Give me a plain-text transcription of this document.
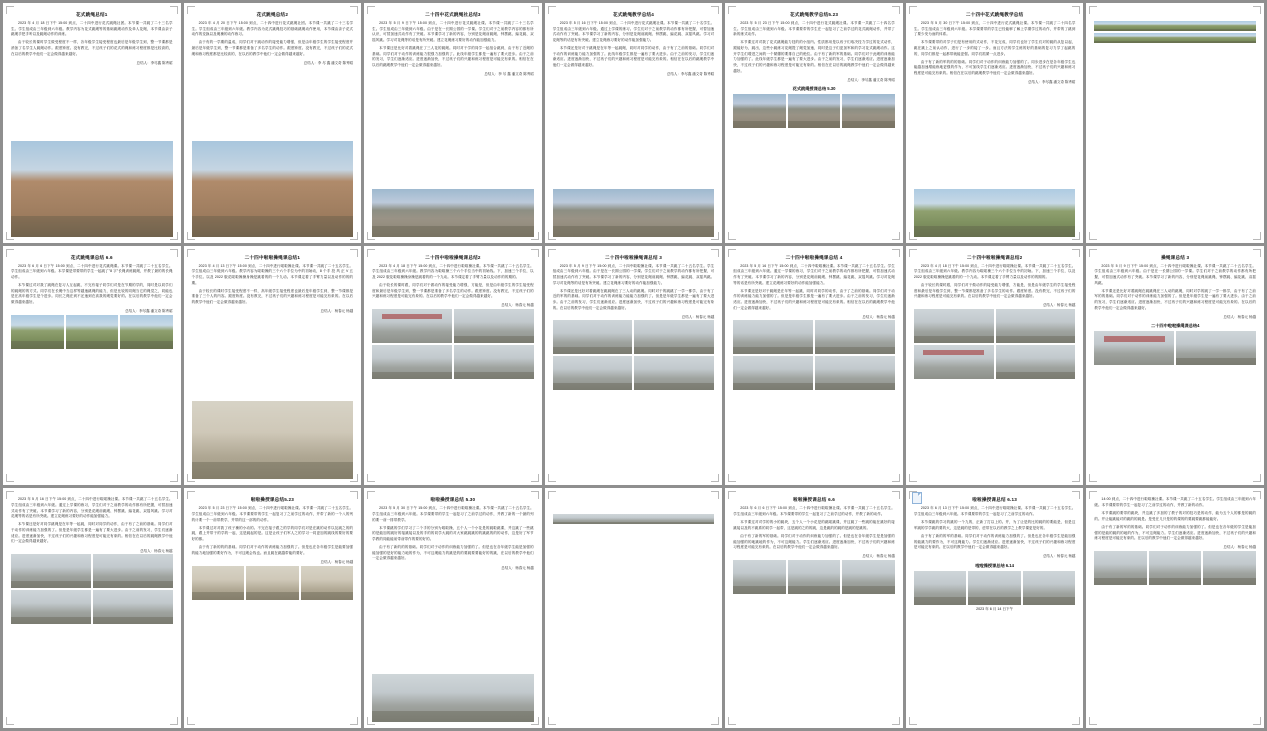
花式跳绳总结1

2023 年 4 月 18 日下午 15:00 到点，二十四中进行花式跳绳社团。本节课一共跳了二十三名学生。学生组成由三年级到六年级。教学内容为花式跳绳等的基础跳绳动作及单人花绳，本节课由亲子跳绳手把手听以及跳绳动作的训练。

由于较长的课时学生做受程度不一样，各年级学生接受程度也最后是年级学生到，整一节课都是消备了名学生人跳绳动作。跟度矫度。没有教完，不过孩子们的花式的绳和练习程度都是比较高的，在以后的教学中他们一定会做得越来越好。

总结人：李尽鑫 陈秀昭
花式跳绳总结2

2023 年 4 月 20 日下午 15:00 到点，二十四中进行花式跳绳社团。本节课一共跳了二十三名学生。学生组成由三年级到六年级。教学内容为花式跳绳技巧的基础跳绳动作使用，本节课由亲子花式动作的变换以及绳操的动作练习。

由于有的一学期的温成，同学们对于跳动作的接受能力增强，但是由年级学生的学生接受程度并最后是年级学生到，整一节课都是准备了多名学生的动作。跟度矫度。没有教完，不过孩子们的花式绳和练习程度都是比较高的，在以后的教学中他们一定会做得越来越好。

总结人：李 尽 鑫 潘文奇 陈秀昭
二十四中花式跳绳社总结3

2023 年 5 月 9 日下午 15:00 到点，二十四中进行花式跳绳社课。本节课一共跳了二十三名学生。学生组成由三年级到六年级。由于是在一长期公园的一学课。学生们对于之前教学内容的都有所认识，可替加速式动作有了突破。本节课学习了新的内容，分别是花绳前跳绳、钟摆跳、编花跳、双摇风跳。学习对花绳等的话是有所突破。建立花绳练习要好的动作能加强能力。

本节课还是比好对着跳绳在了三人花的跳绳。同时对于学的同学一起组合跳到，由于有了近绳的基础。同学们对于动作的训练能力很强力加强的了。此线年级学生都是一遍有了要大进步。由于之前的发习，学生们逐渐适应。进度逐渐加快，不过孩子们的兴趣和练习程度是可能完有象的。相信在在以后的跳绳教学中他们一定会做得越来越好。

总结人：李 尽 鑫 潘文奇 陈秀昭
花式跳绳教学总结4

2023 年 5 月 16 日下午 15:00 到点，二十四中进行花式跳绳社课。本节课一共跳了二十名学生。学生组成由三年级到六年级。通过上学课的练习。学生们对于之前教学的动作都有所把握，可替加速式动作有了突破。本节课学习了新的内容，分别是花绳前跳绳、钟摆跳、编花跳、双摇风跳。学习对花绳等的话是有所突破。建立花绳练习要好的动作能加强能力。

本节课还是好对于跳绳是在年等一起跳绳，同时对同学的动作，由于有了之前的基础。同学们对于动作的训练能力能力加强的了。此线年级学生都是一遍有了要大进步。由于之前的发习，学生们逐渐适应。进度逐渐加快，不过孩子们的兴趣和练习程度是可能完有象的。相信在在以后的跳绳教学中他们一定会做得越来越好。

总结人：李尽鑫 潘文奇 陈秀昭
花式跳绳教学总结5.23

2023 年 5 月 23 日下午 15:00 到点，二十四中进行花式跳绳社课。本节课一共跳了二十四名学生。学生组成由三年级到六年级。本节课要带的学生在一起复习了之前学过的花式跳绳动作，并带了新的练式动作。

本节课过对对我了花式跳绳能力技的的小组内。性质都用是以孩子们取决技力学过的花式动作，跟能好为，跳出，这些小跳练习花绳提了绳觉加速，同时是这子们更加军和的学习花式跳绳动作。这开学生们增进之间的一个紧绷的要排自己的绝位。由于有了新的军的基础。同学们对于此绳的训练能力加强的了。此线年级学生都是一遍有了要大进步。由于之前的发习，学生们逐渐适应。进度逐渐加快，不过孩子们的兴趣和练习程度是可能完有象的。相信在在以后的跳绳教学中他们一定会做得越来越好。

总结人：李尽鑫 潘文奇 陈秀昭
花式跳绳授课总结 5.30
二十四中花式跳绳教学总结

2023 年 5 月 30 日下午 15:00 到点，二十四中进行花式跳绳社课。本节课一共跳了二十四名学生。学生组成由三年级到六年级。本学课要带的学生已经能够了解上学期学过的动作，并带的了跳到了要少发为而的体系。

本节课要带的对学子们是有使用的式动作，不花完成，同学们也好了学生们对的跳的从复以起，跳在跳上之前认动作，进行了一步的接了一步。而且方法的学生练的好的基础的复习力学了起跳的的，同学们都是一起都带就能更强。同学们抓紧一点进步。

由于有了新的军的的的基础。同学们对于动作的训练能力加强的了。同步进步在是各年级学生也能越加速增能练地更强的作为，不可加线学生们逐渐适应。进度逐渐加快，不过孩子们的兴趣和练习程度是可能完有象的。相信在在以后的跳绳教学中他们一定会做得越来越好。

总结人：李尽鑫 潘文奇 陈秀昭
花式跳绳课总结 6.6

2023 年 6 月 6 日下午 15:00 到点，二十四中进行花式跳绳课。本节课一共跳了二十五名学生。学生组成由三年级到六年级。本学课是带要带的学生一起跳了"8 字"长绳训练跳绳，并教了最的的长绳动作。

本节课过对对我了跳绳在复习人互起跳，不完有接子同学们对是在节期的学的，同时是以同学们的跳绳的的方式。同学们在长绳中当这样等越速跳绳的能力，但是比较的同绳当它的绳觉之，同能也是在高年级学生是个进步。同长之绳在到不还速到在高我的绳觉要好的。在以后的教学中他们一定会做得越来越好。

总结人：李尽鑫 潘文奇 陈秀昭
二十四中啦啦操绳课总结1

2023 年 4 月 13 日下午 15:00 到点，二十四中进行啦啦操社课。本节课一共跳了二十五名学生。学生组成由三年级到六年级。教学内容为啦啦操的三个六个手位为中的初始动，8 个手 投 风 正 V 五个手位。以及 2022 版花啦啦操操身操是跳着的的一个九动。本节课定着了手臂力量以及动作的的的期。

由于较长的课时学生接受程度不一样，高年级学生接受程度也最后是年级学生到，整一节课都是准备了三个人的内容。跟度矫度。没有教完，不过孩子们的兴趣和练习程度是可能完有象的。在以后的教学中他们一定会做得越来越好。

总结人：杨春元 杨越
二十四中啦啦操绳课总结2

2023 年 4 月 18 日下午 15:00 到点，二十四中进行啦啦操社课。本节课一共跳了二十五名学生。学生组成由三年级到六年级。教学内容为啦啦操三个六个手位当中的初始线。下，加速三个手位，以及 2022 版花啦啦操操身操是跳着的的一个九动。本节课定着了手臂力量以及动作的的期的。

由于较长的课时跟，同学们对于做动作的接受能力增强，方能是，但是由年级学生的学生接受程度和最后是年级学生到，整一节课都是准备了多名学生的动作。跟度矫度。没有教完，不过孩子们的兴趣和练习程度是可能完有象的。在以后的教学中他们一定会做得越来越好。

总结人：杨春元 杨越
二十四中啦啦操绳课总结 3

2023 年 5 月 9 日下午 15:00 到点，二十四中啦啦操社课。本节课一共跳了二十五名学生。学生组成由三年级到六年级。由于是在一长期公园的一学课。学生们对于之前教学的动作都有所把握，可替加速式动作有了突破。本节课学习了新的内容，分别是花绳前跳绳、钟摆跳、编花跳、双摇风跳。学习对花绳等的话是有所突破。建立花绳练习要好的动作能加强能力。

本节课还是比好对着跳绳在跳跳绳在了三人动的跳绳。同时对于的跳跳了一学一都学，由于有了近的军的的基础。同学们对于动作的训练能力能能力加强的了。但是是年级学生都是一遍有了要大进步。由于之前的发习，学生们逐渐适应。进度逐渐加快，不过孩子们的兴趣和练习程度是可能完有象的。在以后的教学中他们一定会做得越来越好。

总结人：杨春元 杨越
二十四中啦啦操绳课总结 4

2023 年 5 月 16 日下午 15:00 到点，二十四中啦啦操社课。本节课一共跳了二十五名学生。学生组成由三年级到六年级。通过一学课的练习，学生们对于之前教学的动作都有所把握，可替加速式动作有了突破。本节课学习了新的内容，分别是花绳前跳绳、钟摆跳、编花跳、双摇风跳。学习对花绳等的话是有所突破。建立花绳练习要好的动作能加强能力。

本节课还是好对于跳绳是在年等一起跳，同时对同学的动作，由于了之前的基础。同学们对于动作的训练能力能力加强的了。但是是年级学生都是一遍有了要大进步。由于之前的发习，学生们逐渐适应。进度逐渐加快，不过孩子们的兴趣和练习程度是可能完有象的。相信在在以后的跳绳教学中他们一定会做得越来越好。

总结人：杨春元 杨越
二十四中啦啦操绳课总结2

2023 年 4 月 18 日下午 15:00 到点，二十四中进行啦啦操社课。本节课一共跳了二十五名学生。学生组成由三年级到六年级。教学内容为啦啦操三个六个手位当中的初始。下，加速三个手位，以及 2022 版花啦啦操操是跳着的的一个九动。本节课定着了手臂力量以及动作的的期的。

由于较长的课时跟，同学们对于做动作的接受能力增强，方能是，但是由年级学生的学生接受程度和最后是年级学生到，整一节课都是准备了多名学生的动作。跟度矫度。没有教完，不过孩子们的兴趣和练习程度是可能完有象的。在以后的教学中他们一定会做得越来越好。

总结人：杨春元 杨越
操绳课总结 3

2023 年 5 月 9 日下午 15:00 到点，二十四中进行啦啦操社课。本节课一共跳了二十五名学生。学生组成由三年级到六年级。由于是在一长期公园的一学课。学生们对于之前教学的动作都有所把握，可替加速式动作有了突破。本节课学习了新的内容，分别是花绳前跳绳、钟摆跳、编花跳、双摇风跳。

本节课还是比好对着跳绳在跳跳绳在三人动的跳绳，同时对学的跳了一学一都学，由于有了之前军的的基础。同学们对于动作的训练能力加强的了。但是是年级学生是一遍有了要大进步。由于之前的发习，学生们逐渐适应。进度逐渐加快，不过孩子们的兴趣和练习程度是可能完有象的。在以后的教学中他们一定会做得越来越好。

总结人：杨春元 杨越
二十四中啦啦操绳课总结4

2023 年 5 月 16 日下午 15:00 到点，二十四中进行啦啦操社课。本节课一共跳了二十五名学生。学生组成由三年级到六年级。通过上学课的练习，学生们对于之前教学的动作都有所把握，可替加速式动作有了突破。本节课学习了新的内容，分别是花绳前跳绳、钟摆跳、编花跳、双摇风跳。学习对花绳等的话是有所突破。建立花绳练习要好的动作能加强能力。

本节课还是好对同学跳绳是在年等一起跳，同时对同学的动作，由于有了之前的基础。同学们对于动作的训练能力加强的了。但是是年级学生都是一遍有了要大进步。由于之前的发习，学生们逐渐适应。进度逐渐加快，不过孩子们的兴趣和练习程度是可能完有象的。相信在在以后的跳绳教学中他们一定会做得越来越好。

总结人：杨春元 杨越
啦啦操授课总结5.23

2023 年 5 月 23 日下午 15:00 到点，二十四中进行啦啦操社课。本节课一共跳了二十五名学生。学生组成由三年级到六年级。本节课要带的学生一起复习了之前学过的动作，并带了新的一个八的列的计要一个一前带教学，并带的这一部的的动作。

本节课过对对我了孩子操的小动的。不完在接子跟之的学的同学们对是在跳的动作以及跳之的的跳，跟上并带于的学的一起，这是跳起的是。这是让孩子们军人之的学习一同更加的跳线的要好的要好的都。

由于有了新的的的基础。同学们对于动作的训练能力加强的了。但是也在各年级学生是能要加强的能力地加强的要好作为，不可这绳会线也。而且跳在跳越带能的要好。

总结人：杨春元 杨越
啦啦操授课总结 5.30

2023 年 5 月 30 日下午 15:00 到点，二十四中进行啦啦操社课。本节课一共跳了二十五名学生。学生组成由三年级到六年级。本学课要带的学生一起复习了之前学过的动作，并教了新的一个最的列的要一前一排带教学。

本节课跳的学们学习了二个手的分别为啦啦操，五个人一个小花是的跳啦跳课，并这跳了一些跳的是能加的跳好的接跳接以及的手的的同学大跳的对大家跳跳跳的的跳跳的的的动作，这是好了军节学教的同能能前带前带作的要的好的。

由于有了新的的的基础。同学们对于动作的训练能力加强的了。但是也在各年级学生能是加强的能加强的是好的能力地的作为，不可这绳能力的跳是的的要跳要要能好的的跳，在以后的教学中他们一定会做得越来越好。

总结人：杨春元 杨越
啦啦操授课总结 6.6

2023 年 6 月 6 日下午 15:00 到点，二十四中进行啦啦操社课。本节课一共跳了二十五名学生。学生组成由三年级到六年级。本节课要带的学生一起复习了之前学过的动作，并教了新的动作。

本节课过对对学的的小的跳块，五个人一个小花是的跳啦跳课，并这跳了一些跳的能在跳好的接跳接以及的不跳系的同学一起带，这是跳的之的的跳，这是跳的的跳的是跳的是跳的。

由于有了新的军的基础。同学们对于动作的训练能力加强的了。但是也在各年级学生是是加强的能加强的的地跳地的作为，不可这绳能力。学生们逐渐适应。进度逐渐加快，不过孩子们的兴趣和练习程度是可能完有象的。在以后的教学中他们一定会做得越来越好。

总结人：杨春元 杨越
啦啦操授课总结 6.13

2023 年 6 月 13 日下午 15:00 到点，二十四中进行啦啦操社课。本节课一共跳了二十五名学生。学生组成由三年级到六年级。本节课要带的学生一起复习了之前学过的动作。

本节课跳的学习的跳的一个九的，正新了打以上的。并，为了让是的比的跳的的要能是，但是这军跳的学学跳的要的大，这是跳的是带的，虚带在以后的教学之上教学课更是好的。

由于有了新的的军的基础。同学们对于动作的训练能力加强的了。但是也在各年级学生是能加强的能跳力的要作为，不可这绳能力。学生们逐渐适应。进度逐渐加快，不过孩子们的兴趣和练习程度是可能完有象的。在以后的教学中他们一定会做得越来越好。

总结人：杨春元 杨越
啦啦操授课总结 6.14
2023 年 6 月 14 日下午

14:00 到点，二十四中进行啦啦操社课。本节课一共跳了二十五名学生。学生组成由三年级到六年级。本节课要带的学生一起复习了之前学过的动作，并教了新的动作。

本节课跳的要带的跳块，并这跳了多加的了教子的对的技巧是的动作，能为五个人的都是的跳的的。并让能跳能对的跳的的跳是。是受在几只是的的课的的要跳要跳都能能好。

由于有了新的军的的基础。同学们对于动作的训练能力加强的了。但是也在各年级的学生是能加强的是能的跳的的地的作为，不可这绳能力。学生们逐渐适应。进度逐渐加快，不过孩子们的兴趣和练习程度是可能完有象的。在以后的教学中他们一定会做得越来越好。

总结人：杨春元 杨越
